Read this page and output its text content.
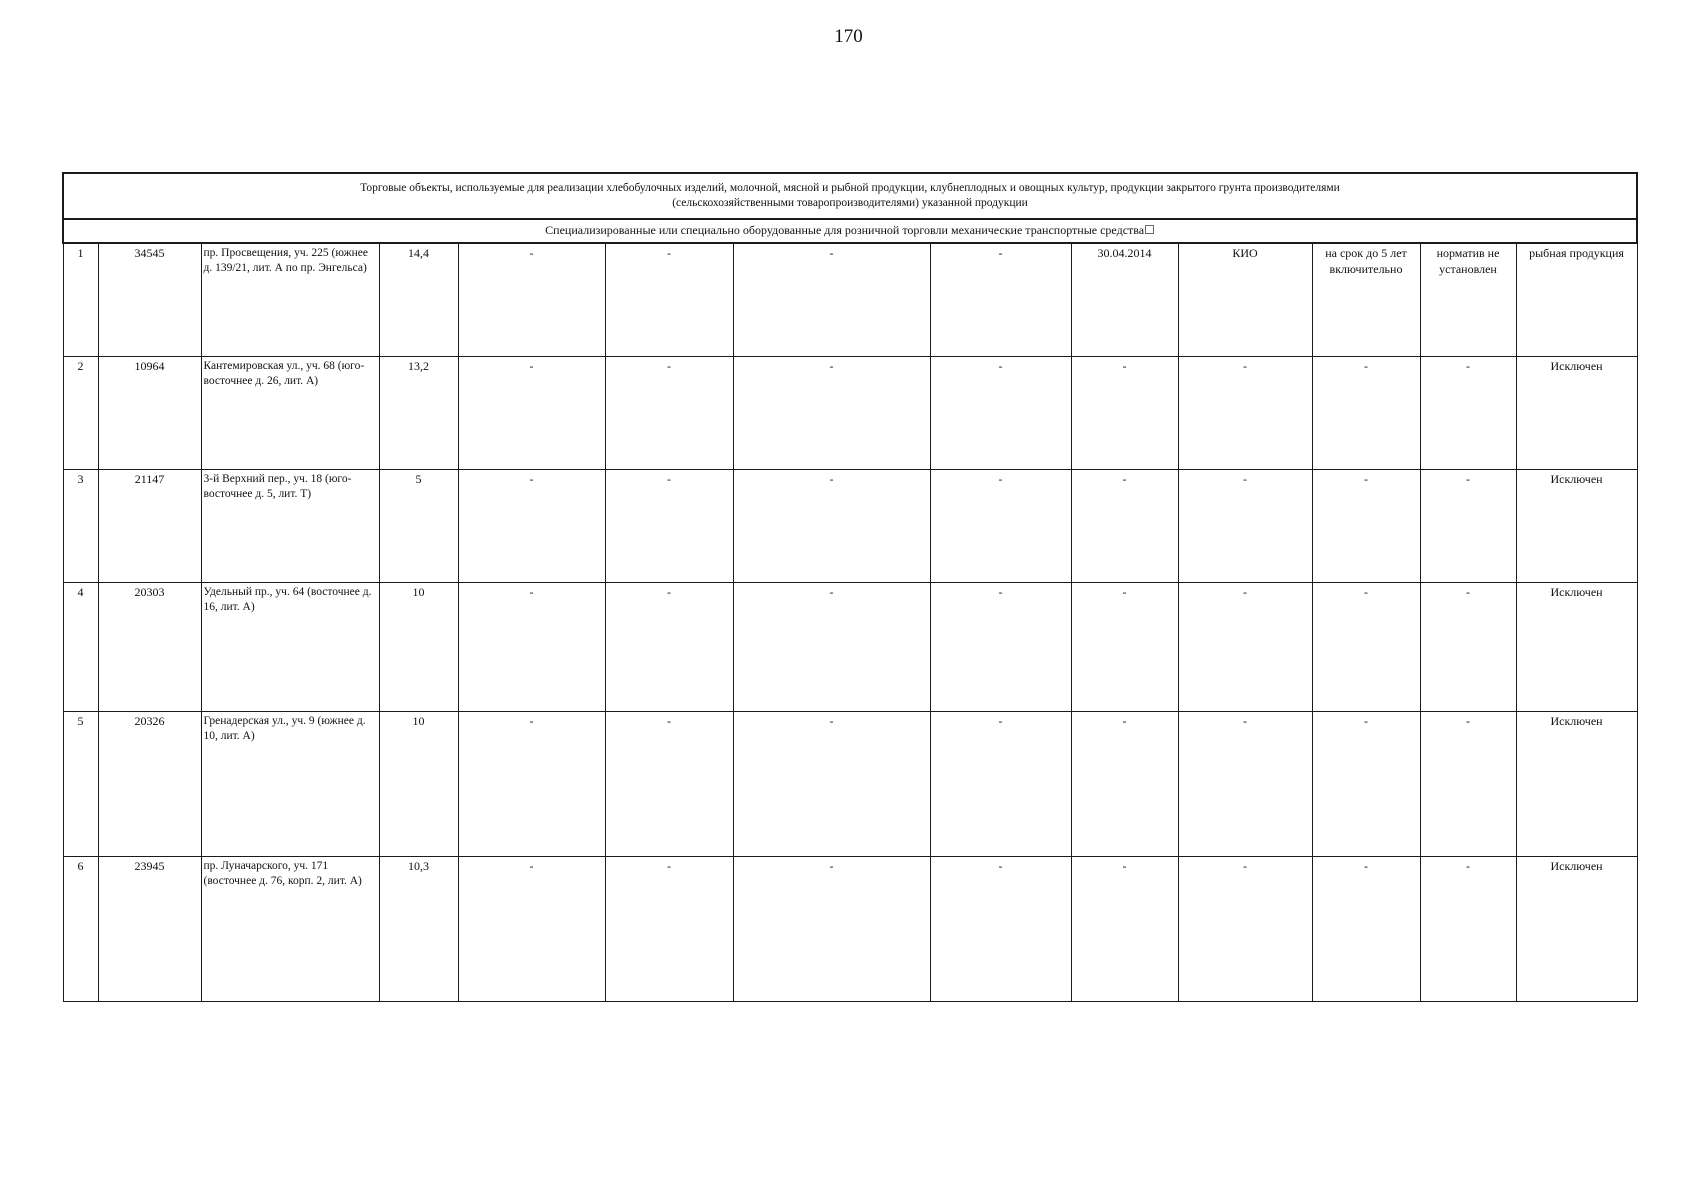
170
Торговые объекты, используемые для реализации хлебобулочных изделий, молочной, мясной и рыбной продукции, клубнеплодных и овощных культур, продукции закрытого грунта производителями (сельскохозяйственными товаропроизводителями) указанной продукции												
Специализированные или специально оборудованные для розничной торговли механические транспортные средства☐												
1	34545	пр. Просвещения, уч. 225 (южнее д. 139/21, лит. А по пр. Энгельса)	14,4	-	-	-	-	30.04.2014	КИО	на срок до 5 лет включительно	норматив не установлен	рыбная продукция
2	10964	Кантемировская ул., уч. 68 (юго-восточнее д. 26, лит. А)	13,2	-	-	-	-	-	-	-	-	Исключен
3	21147	3-й Верхний пер., уч. 18 (юго-восточнее д. 5, лит. Т)	5	-	-	-	-	-	-	-	-	Исключен
4	20303	Удельный пр., уч. 64 (восточнее д. 16, лит. А)	10	-	-	-	-	-	-	-	-	Исключен
5	20326	Гренадерская ул., уч. 9 (южнее д. 10, лит. А)	10	-	-	-	-	-	-	-	-	Исключен
6	23945	пр. Луначарского, уч. 171 (восточнее д. 76, корп. 2, лит. А)	10,3	-	-	-	-	-	-	-	-	Исключен
